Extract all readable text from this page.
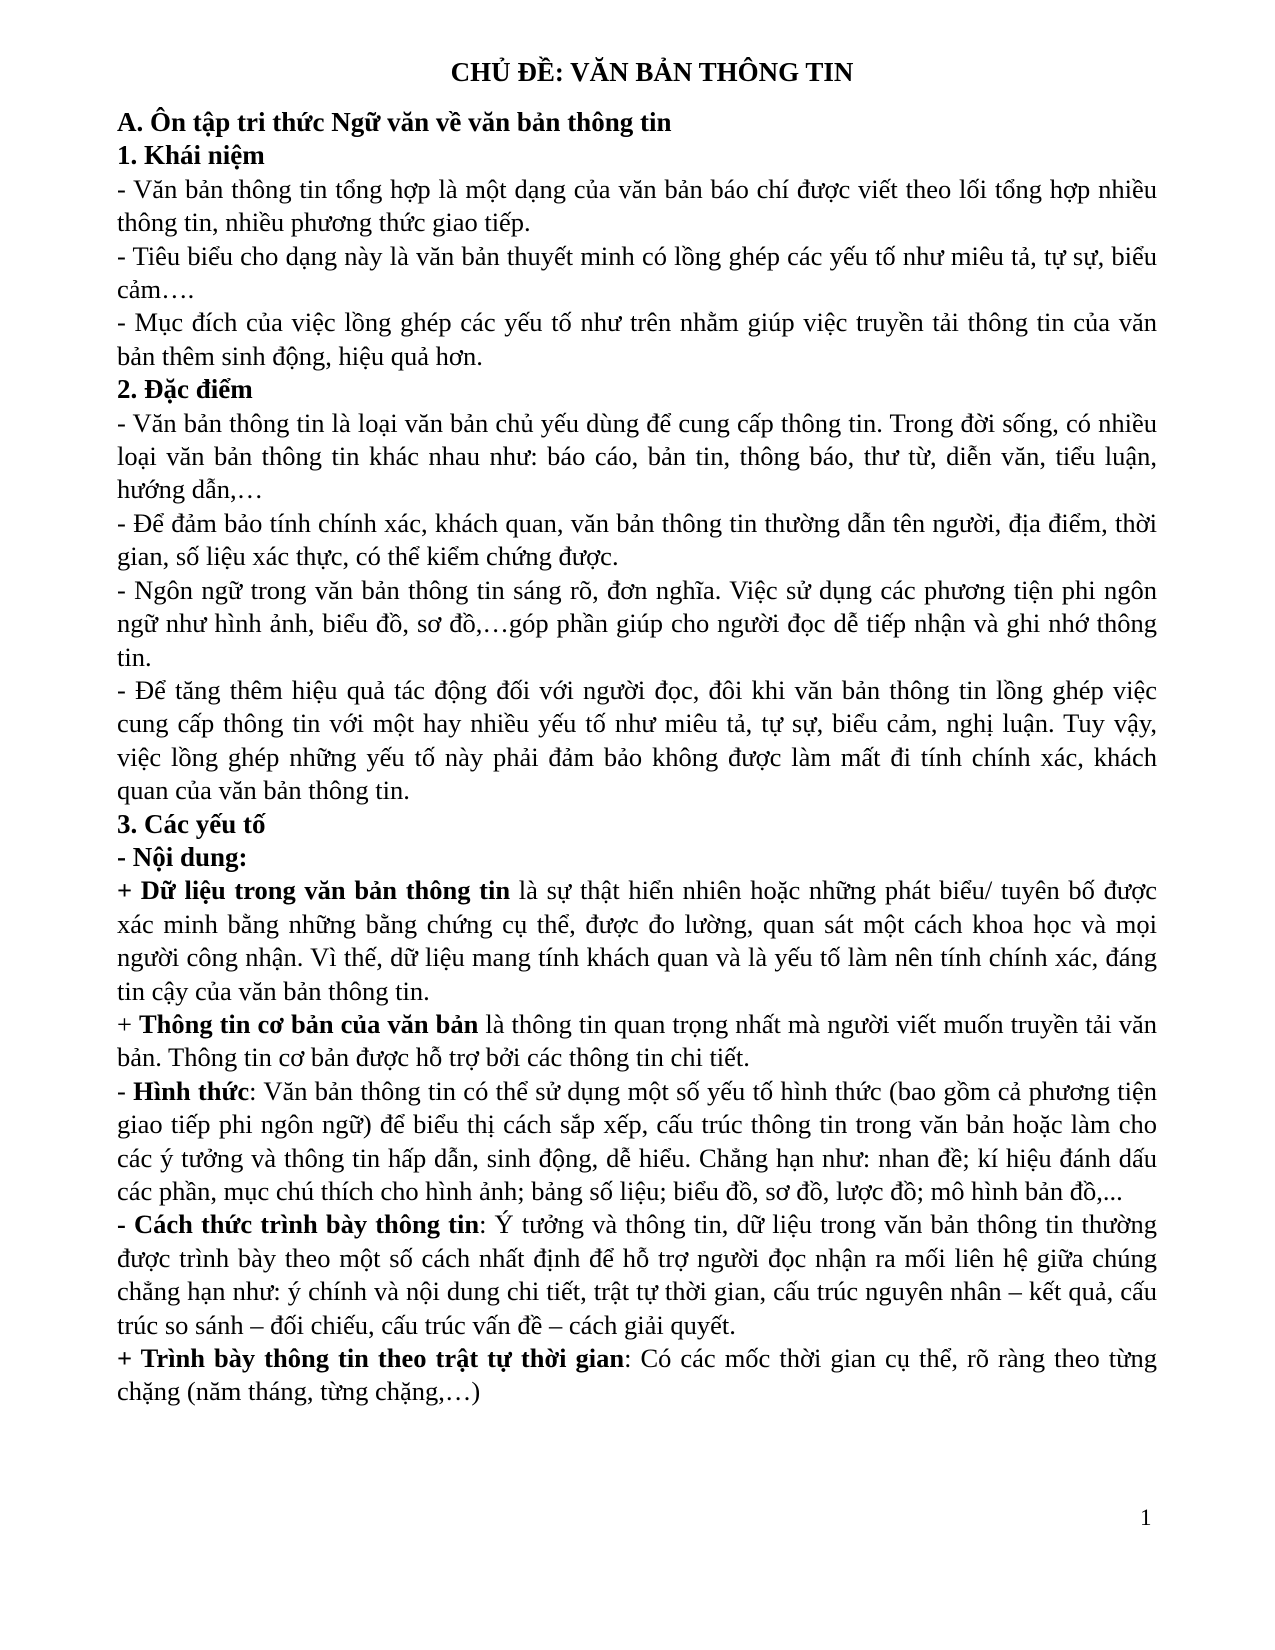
CHỦ ĐỀ: VĂN BẢN THÔNG TIN
A. Ôn tập tri thức Ngữ văn về văn bản thông tin
1. Khái niệm
- Văn bản thông tin tổng hợp là một dạng của văn bản báo chí được viết theo lối tổng hợp nhiều thông tin, nhiều phương thức giao tiếp.
- Tiêu biểu cho dạng này là văn bản thuyết minh có lồng ghép các yếu tố như miêu tả, tự sự, biểu cảm….
- Mục đích của việc lồng ghép các yếu tố như trên nhằm giúp việc truyền tải thông tin của văn bản thêm sinh động, hiệu quả hơn.
2. Đặc điểm
- Văn bản thông tin là loại văn bản chủ yếu dùng để cung cấp thông tin. Trong đời sống, có nhiều loại văn bản thông tin khác nhau như: báo cáo, bản tin, thông báo, thư từ, diễn văn, tiểu luận, hướng dẫn,…
- Để đảm bảo tính chính xác, khách quan, văn bản thông tin thường dẫn tên người, địa điểm, thời gian, số liệu xác thực, có thể kiểm chứng được.
- Ngôn ngữ trong văn bản thông tin sáng rõ, đơn nghĩa. Việc sử dụng các phương tiện phi ngôn ngữ như hình ảnh, biểu đồ, sơ đồ,…góp phần giúp cho người đọc dễ tiếp nhận và ghi nhớ thông tin.
- Để tăng thêm hiệu quả tác động đối với người đọc, đôi khi văn bản thông tin lồng ghép việc cung cấp thông tin với một hay nhiều yếu tố như miêu tả, tự sự, biểu cảm, nghị luận. Tuy vậy, việc lồng ghép những yếu tố này phải đảm bảo không được làm mất đi tính chính xác, khách quan của văn bản thông tin.
3. Các yếu tố
- Nội dung:
+ Dữ liệu trong văn bản thông tin là sự thật hiển nhiên hoặc những phát biểu/ tuyên bố được xác minh bằng những bằng chứng cụ thể, được đo lường, quan sát một cách khoa học và mọi người công nhận. Vì thế, dữ liệu mang tính khách quan và là yếu tố làm nên tính chính xác, đáng tin cậy của văn bản thông tin.
+ Thông tin cơ bản của văn bản là thông tin quan trọng nhất mà người viết muốn truyền tải văn bản. Thông tin cơ bản được hỗ trợ bởi các thông tin chi tiết.
- Hình thức: Văn bản thông tin có thể sử dụng một số yếu tố hình thức (bao gồm cả phương tiện giao tiếp phi ngôn ngữ) để biểu thị cách sắp xếp, cấu trúc thông tin trong văn bản hoặc làm cho các ý tưởng và thông tin hấp dẫn, sinh động, dễ hiểu. Chẳng hạn như: nhan đề; kí hiệu đánh dấu các phần, mục chú thích cho hình ảnh; bảng số liệu; biểu đồ, sơ đồ, lược đồ; mô hình bản đồ,...
- Cách thức trình bày thông tin: Ý tưởng và thông tin, dữ liệu trong văn bản thông tin thường được trình bày theo một số cách nhất định để hỗ trợ người đọc nhận ra mối liên hệ giữa chúng chẳng hạn như: ý chính và nội dung chi tiết, trật tự thời gian, cấu trúc nguyên nhân – kết quả, cấu trúc so sánh – đối chiếu, cấu trúc vấn đề – cách giải quyết.
+ Trình bày thông tin theo trật tự thời gian: Có các mốc thời gian cụ thể, rõ ràng theo từng chặng (năm tháng, từng chặng,…)
1
